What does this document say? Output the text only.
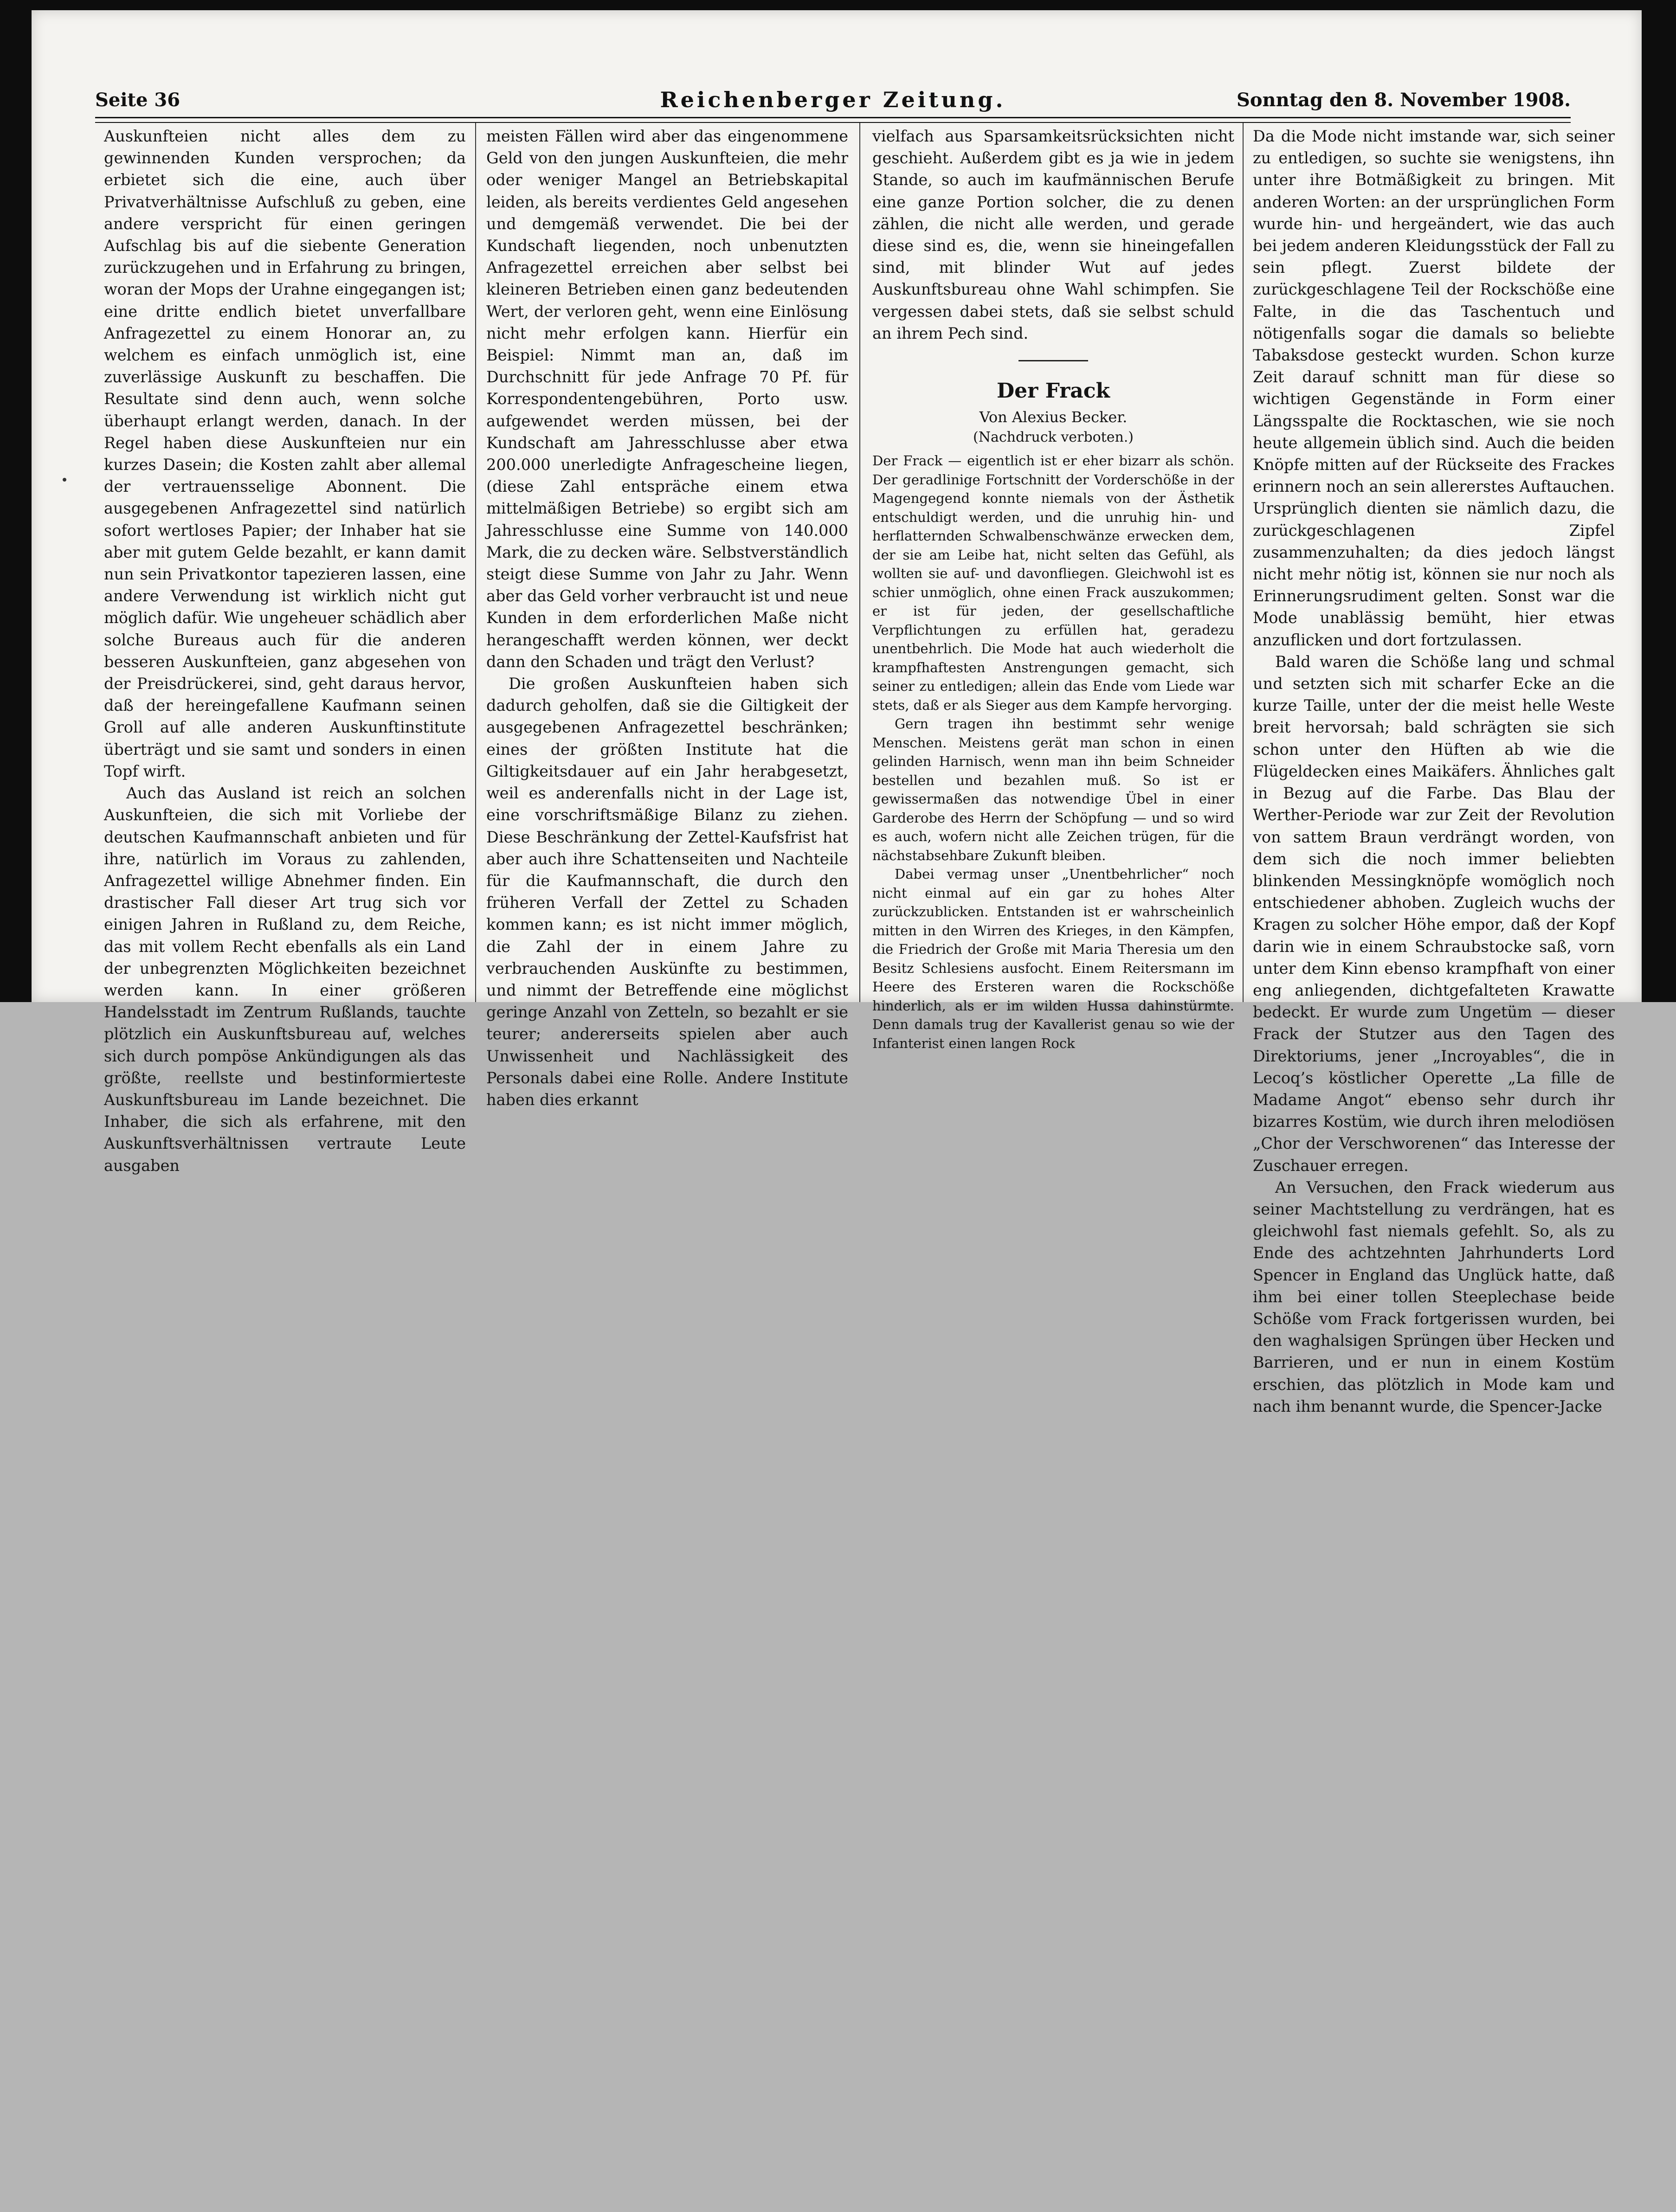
Seite 36	Reichenberger Zeitung.	Sonntag den 8. November 1908.

Auskunfteien nicht alles dem zu gewinnenden Kunden versprochen; da erbietet sich die eine, auch über Privatverhältnisse Aufschluß zu geben, eine andere verspricht für einen geringen Aufschlag bis auf die siebente Generation zurückzugehen und in Erfahrung zu bringen, woran der Mops der Urahne eingegangen ist; eine dritte endlich bietet unverfallbare Anfragezettel zu einem Honorar an, zu welchem es einfach unmöglich ist, eine zuverlässige Auskunft zu beschaffen. Die Resultate sind denn auch, wenn solche überhaupt erlangt werden, danach. In der Regel haben diese Auskunfteien nur ein kurzes Dasein; die Kosten zahlt aber allemal der vertrauensselige Abonnent. Die ausgegebenen Anfragezettel sind natürlich sofort wertloses Papier; der Inhaber hat sie aber mit gutem Gelde bezahlt, er kann damit nun sein Privatkontor tapezieren lassen, eine andere Verwendung ist wirklich nicht gut möglich dafür. Wie ungeheuer schädlich aber solche Bureaus auch für die anderen besseren Auskunfteien, ganz abgesehen von der Preisdrückerei, sind, geht daraus hervor, daß der hereingefallene Kaufmann seinen Groll auf alle anderen Auskunftinstitute überträgt und sie samt und sonders in einen Topf wirft.

Auch das Ausland ist reich an solchen Auskunfteien, die sich mit Vorliebe der deutschen Kaufmannschaft anbieten und für ihre, natürlich im Voraus zu zahlenden, Anfragezettel willige Abnehmer finden. Ein drastischer Fall dieser Art trug sich vor einigen Jahren in Rußland zu, dem Reiche, das mit vollem Recht ebenfalls als ein Land der unbegrenzten Möglichkeiten bezeichnet werden kann. In einer größeren Handelsstadt im Zentrum Rußlands, tauchte plötzlich ein Auskunftsbureau auf, welches sich durch pompöse Ankündigungen als das größte, reellste und bestinformierteste Auskunftsbureau im Lande bezeichnet. Die Inhaber, die sich als erfahrene, mit den Auskunftsverhältnissen vertraute Leute ausgaben

meisten Fällen wird aber das eingenommene Geld von den jungen Auskunfteien, die mehr oder weniger Mangel an Betriebskapital leiden, als bereits verdientes Geld angesehen und demgemäß verwendet. Die bei der Kundschaft liegenden, noch unbenutzten Anfragezettel erreichen aber selbst bei kleineren Betrieben einen ganz bedeutenden Wert, der verloren geht, wenn eine Einlösung nicht mehr erfolgen kann. Hierfür ein Beispiel: Nimmt man an, daß im Durchschnitt für jede Anfrage 70 Pf. für Korrespondentengebühren, Porto usw. aufgewendet werden müssen, bei der Kundschaft am Jahresschlusse aber etwa 200.000 unerledigte Anfragescheine liegen, (diese Zahl entspräche einem etwa mittelmäßigen Betriebe) so ergibt sich am Jahresschlusse eine Summe von 140.000 Mark, die zu decken wäre. Selbstverständlich steigt diese Summe von Jahr zu Jahr. Wenn aber das Geld vorher verbraucht ist und neue Kunden in dem erforderlichen Maße nicht herangeschafft werden können, wer deckt dann den Schaden und trägt den Verlust?

Die großen Auskunfteien haben sich dadurch geholfen, daß sie die Giltigkeit der ausgegebenen Anfragezettel beschränken; eines der größten Institute hat die Giltigkeitsdauer auf ein Jahr herabgesetzt, weil es anderenfalls nicht in der Lage ist, eine vorschriftsmäßige Bilanz zu ziehen. Diese Beschränkung der Zettel-Kaufsfrist hat aber auch ihre Schattenseiten und Nachteile für die Kaufmannschaft, die durch den früheren Verfall der Zettel zu Schaden kommen kann; es ist nicht immer möglich, die Zahl der in einem Jahre zu verbrauchenden Auskünfte zu bestimmen, und nimmt der Betreffende eine möglichst geringe Anzahl von Zetteln, so bezahlt er sie teurer; andererseits spielen aber auch Unwissenheit und Nachlässigkeit des Personals dabei eine Rolle. Andere Institute haben dies erkannt

vielfach aus Sparsamkeitsrücksichten nicht geschieht. Außerdem gibt es ja wie in jedem Stande, so auch im kaufmännischen Berufe eine ganze Portion solcher, die zu denen zählen, die nicht alle werden, und gerade diese sind es, die, wenn sie hineingefallen sind, mit blinder Wut auf jedes Auskunftsbureau ohne Wahl schimpfen. Sie vergessen dabei stets, daß sie selbst schuld an ihrem Pech sind.

Der Frack
Von Alexius Becker.
(Nachdruck verboten.)

Der Frack — eigentlich ist er eher bizarr als schön. Der geradlinige Fortschnitt der Vorderschöße in der Magengegend konnte niemals von der Ästhetik entschuldigt werden, und die unruhig hin- und herflatternden Schwalbenschwänze erwecken dem, der sie am Leibe hat, nicht selten das Gefühl, als wollten sie auf- und davonfliegen. Gleichwohl ist es schier unmöglich, ohne einen Frack auszukommen; er ist für jeden, der gesellschaftliche Verpflichtungen zu erfüllen hat, geradezu unentbehrlich. Die Mode hat auch wiederholt die krampfhaftesten Anstrengungen gemacht, sich seiner zu entledigen; allein das Ende vom Liede war stets, daß er als Sieger aus dem Kampfe hervorging.

Gern tragen ihn bestimmt sehr wenige Menschen. Meistens gerät man schon in einen gelinden Harnisch, wenn man ihn beim Schneider bestellen und bezahlen muß. So ist er gewissermaßen das notwendige Übel in einer Garderobe des Herrn der Schöpfung — und so wird es auch, wofern nicht alle Zeichen trügen, für die nächstabsehbare Zukunft bleiben.

Dabei vermag unser „Unentbehrlicher“ noch nicht einmal auf ein gar zu hohes Alter zurückzublicken. Entstanden ist er wahrscheinlich mitten in den Wirren des Krieges, in den Kämpfen, die Friedrich der Große mit Maria Theresia um den Besitz Schlesiens ausfocht. Einem Reitersmann im Heere des Ersteren waren die Rockschöße hinderlich, als er im wilden Hussa dahinstürmte. Denn damals trug der Kavallerist genau so wie der Infanterist einen langen Rock

Da die Mode nicht imstande war, sich seiner zu entledigen, so suchte sie wenigstens, ihn unter ihre Botmäßigkeit zu bringen. Mit anderen Worten: an der ursprünglichen Form wurde hin- und hergeändert, wie das auch bei jedem anderen Kleidungsstück der Fall zu sein pflegt. Zuerst bildete der zurückgeschlagene Teil der Rockschöße eine Falte, in die das Taschentuch und nötigenfalls sogar die damals so beliebte Tabaksdose gesteckt wurden. Schon kurze Zeit darauf schnitt man für diese so wichtigen Gegenstände in Form einer Längsspalte die Rocktaschen, wie sie noch heute allgemein üblich sind. Auch die beiden Knöpfe mitten auf der Rückseite des Frackes erinnern noch an sein allererstes Auftauchen. Ursprünglich dienten sie nämlich dazu, die zurückgeschlagenen Zipfel zusammenzuhalten; da dies jedoch längst nicht mehr nötig ist, können sie nur noch als Erinnerungsrudiment gelten. Sonst war die Mode unablässig bemüht, hier etwas anzuflicken und dort fortzulassen.

Bald waren die Schöße lang und schmal und setzten sich mit scharfer Ecke an die kurze Taille, unter der die meist helle Weste breit hervorsah; bald schrägten sie sich schon unter den Hüften ab wie die Flügeldecken eines Maikäfers. Ähnliches galt in Bezug auf die Farbe. Das Blau der Werther-Periode war zur Zeit der Revolution von sattem Braun verdrängt worden, von dem sich die noch immer beliebten blinkenden Messingknöpfe womöglich noch entschiedener abhoben. Zugleich wuchs der Kragen zu solcher Höhe empor, daß der Kopf darin wie in einem Schraubstocke saß, vorn unter dem Kinn ebenso krampfhaft von einer eng anliegenden, dichtgefalteten Krawatte bedeckt. Er wurde zum Ungetüm — dieser Frack der Stutzer aus den Tagen des Direktoriums, jener „Incroyables“, die in Lecoq’s köstlicher Operette „La fille de Madame Angot“ ebenso sehr durch ihr bizarres Kostüm, wie durch ihren melodiösen „Chor der Verschworenen“ das Interesse der Zuschauer erregen.

An Versuchen, den Frack wiederum aus seiner Machtstellung zu verdrängen, hat es gleichwohl fast niemals gefehlt. So, als zu Ende des achtzehnten Jahrhunderts Lord Spencer in England das Unglück hatte, daß ihm bei einer tollen Steeplechase beide Schöße vom Frack fortgerissen wurden, bei den waghalsigen Sprüngen über Hecken und Barrieren, und er nun in einem Kostüm erschien, das plötzlich in Mode kam und nach ihm benannt wurde, die Spencer-Jacke
